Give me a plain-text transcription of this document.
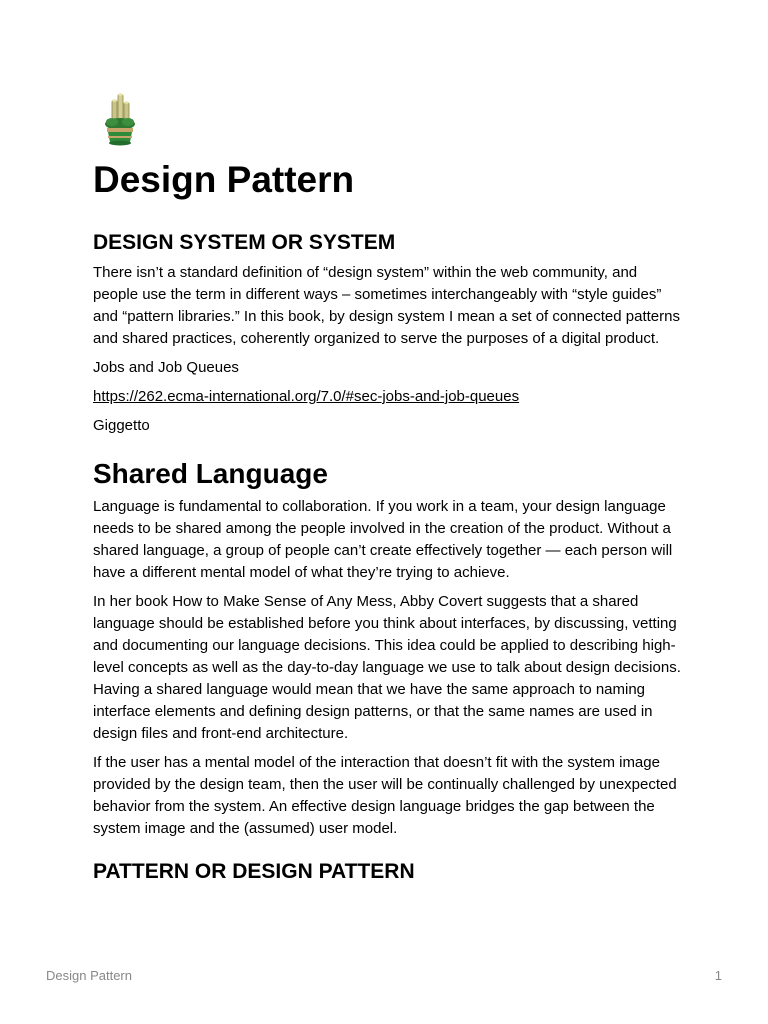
Design Pattern
DESIGN SYSTEM OR SYSTEM

There isn’t a standard definition of “design system” within the web community, and people use the term in different ways – sometimes interchangeably with “style guides” and “pattern libraries.” In this book, by design system I mean a set of connected patterns and shared practices, coherently organized to serve the purposes of a digital product.

Jobs and Job Queues

https://262.ecma-international.org/7.0/#sec-jobs-and-job-queues

Giggetto

Shared Language

Language is fundamental to collaboration. If you work in a team, your design language needs to be shared among the people involved in the creation of the product. Without a shared language, a group of people can’t create effectively together — each person will have a different mental model of what they’re trying to achieve.

In her book How to Make Sense of Any Mess, Abby Covert suggests that a shared language should be established before you think about interfaces, by discussing, vetting and documenting our language decisions. This idea could be applied to describing high-level concepts as well as the day-to-day language we use to talk about design decisions. Having a shared language would mean that we have the same approach to naming interface elements and defining design patterns, or that the same names are used in design files and front-end architecture.

If the user has a mental model of the interaction that doesn’t fit with the system image provided by the design team, then the user will be continually challenged by unexpected behavior from the system. An effective design language bridges the gap between the system image and the (assumed) user model.

PATTERN OR DESIGN PATTERN
Design Pattern	1
